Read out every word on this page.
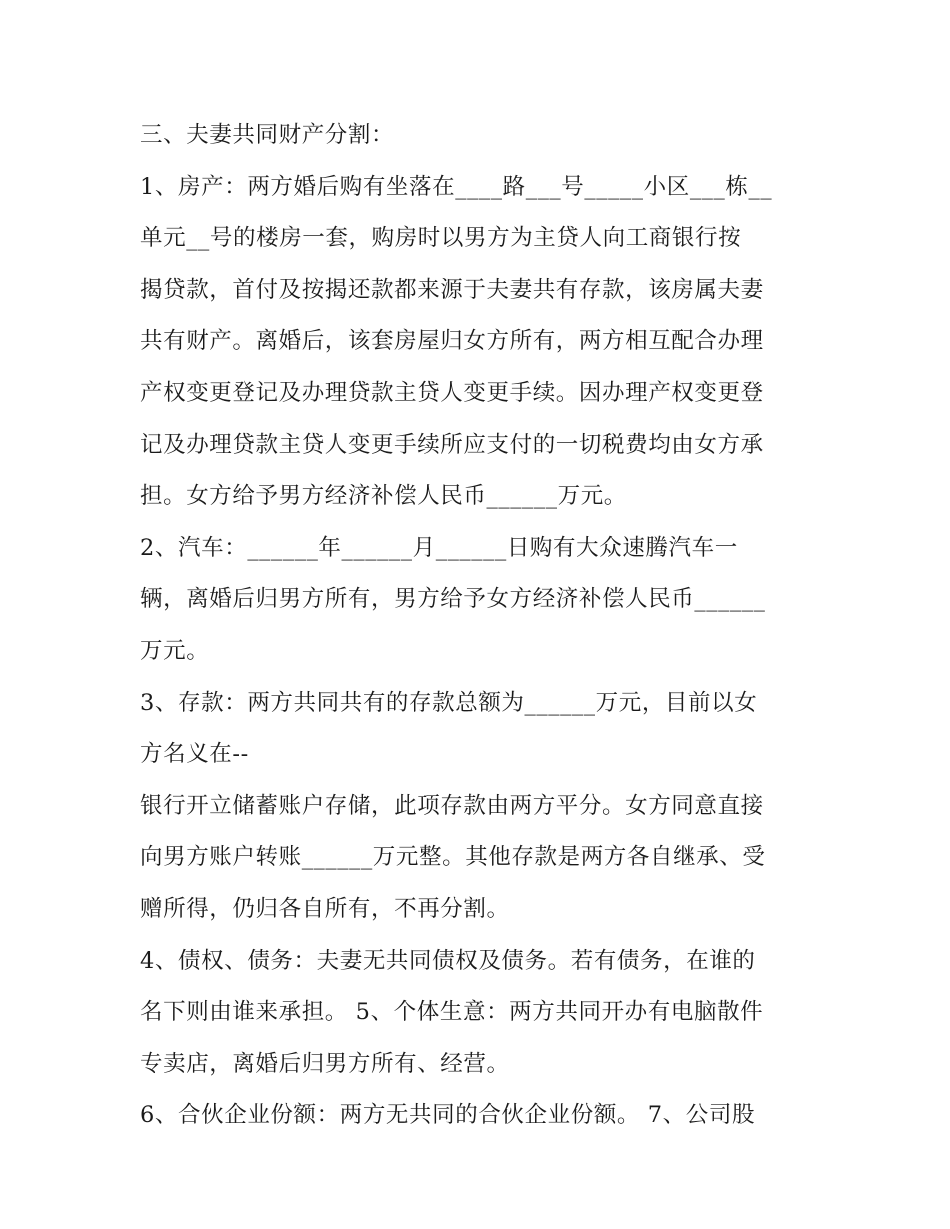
三、夫妻共同财产分割：
1、房产：两方婚后购有坐落在____路___号_____小区___栋__
单元__号的楼房一套，购房时以男方为主贷人向工商银行按
揭贷款，首付及按揭还款都来源于夫妻共有存款，该房属夫妻
共有财产。离婚后，该套房屋归女方所有，两方相互配合办理
产权变更登记及办理贷款主贷人变更手续。因办理产权变更登
记及办理贷款主贷人变更手续所应支付的一切税费均由女方承
担。女方给予男方经济补偿人民币______万元。
2、汽车：______年______月______日购有大众速腾汽车一
辆，离婚后归男方所有，男方给予女方经济补偿人民币______
万元。
3、存款：两方共同共有的存款总额为______万元，目前以女
方名义在--
银行开立储蓄账户存储，此项存款由两方平分。女方同意直接
向男方账户转账______万元整。其他存款是两方各自继承、受
赠所得，仍归各自所有，不再分割。
4、债权、债务：夫妻无共同债权及债务。若有债务，在谁的
名下则由谁来承担。 5、个体生意：两方共同开办有电脑散件
专卖店，离婚后归男方所有、经营。
6、合伙企业份额：两方无共同的合伙企业份额。 7、公司股
